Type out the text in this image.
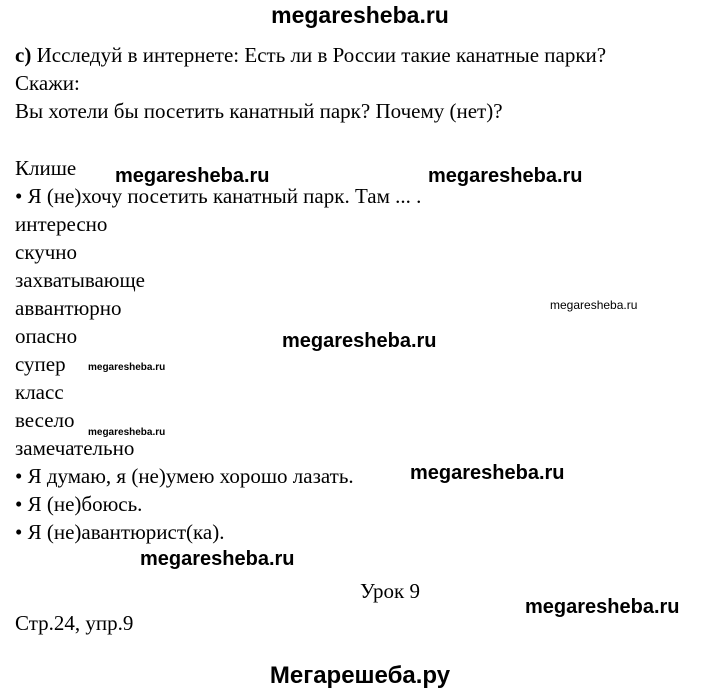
megaresheba.ru
с) Исследуй в интернете: Есть ли в России такие канатные парки?
Скажи:
Вы хотели бы посетить канатный парк? Почему (нет)?
Клише
• Я (не)хочу посетить канатный парк. Там ... .
интересно
скучно
захватывающе
аввантюрно
опасно
супер
класс
весело
замечательно
• Я думаю, я (не)умею хорошо лазать.
• Я (не)боюсь.
• Я (не)авантюрист(ка).
Урок 9
Стр.24, упр.9
megaresheba.ru	megaresheba.ru
megaresheba.ru
megaresheba.ru
megaresheba.ru
megaresheba.ru
megaresheba.ru
megaresheba.ru
megaresheba.ru
Мегарешеба.ру
